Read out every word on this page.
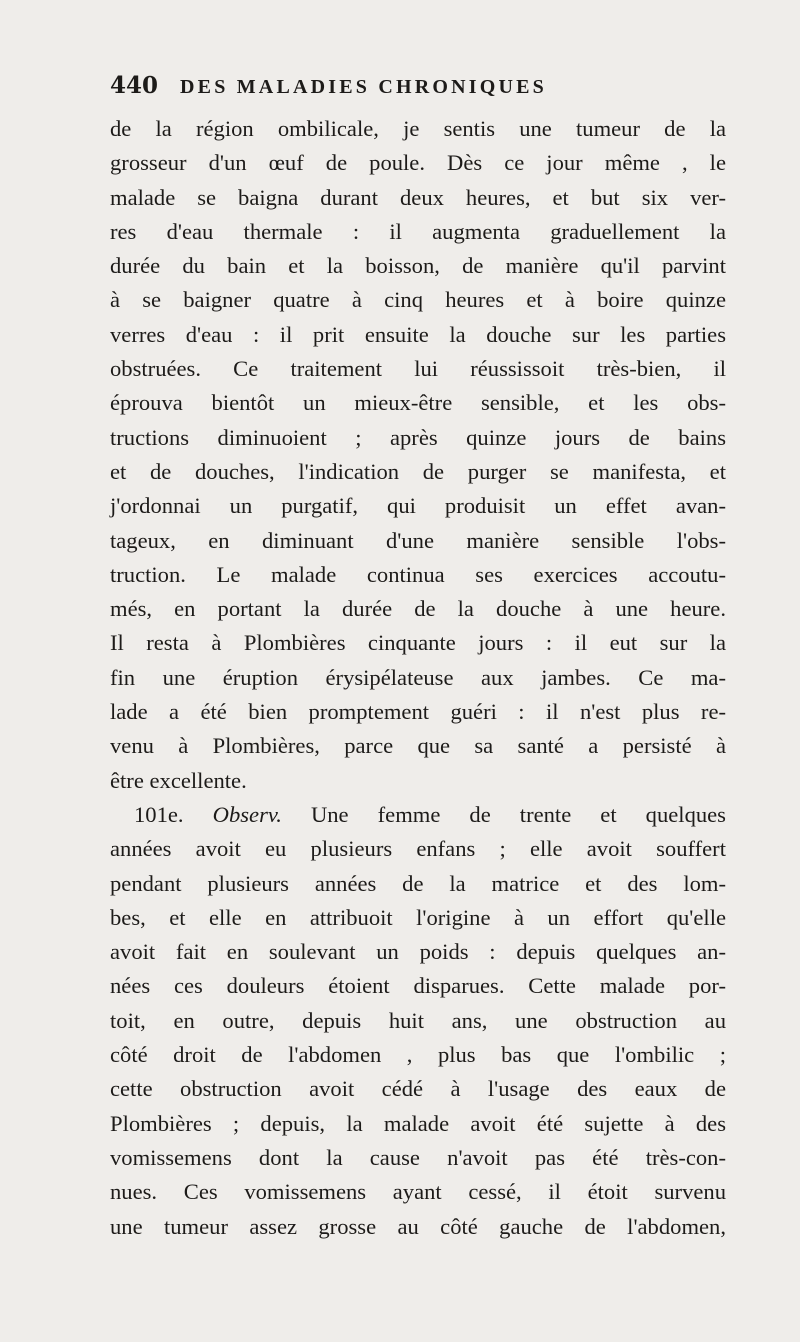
440 DES MALADIES CHRONIQUES
de la région ombilicale, je sentis une tumeur de la
grosseur d'un œuf de poule. Dès ce jour même , le
malade se baigna durant deux heures, et but six ver-
res d'eau thermale : il augmenta graduellement la
durée du bain et la boisson, de manière qu'il parvint
à se baigner quatre à cinq heures et à boire quinze
verres d'eau : il prit ensuite la douche sur les parties
obstruées. Ce traitement lui réussissoit très-bien, il
éprouva bientôt un mieux-être sensible, et les obs-
tructions diminuoient ; après quinze jours de bains
et de douches, l'indication de purger se manifesta, et
j'ordonnai un purgatif, qui produisit un effet avan-
tageux, en diminuant d'une manière sensible l'obs-
truction. Le malade continua ses exercices accoutu-
més, en portant la durée de la douche à une heure.
Il resta à Plombières cinquante jours : il eut sur la
fin une éruption érysipélateuse aux jambes. Ce ma-
lade a été bien promptement guéri : il n'est plus re-
venu à Plombières, parce que sa santé a persisté à
être excellente.
101e. Observ. Une femme de trente et quelques
années avoit eu plusieurs enfans ; elle avoit souffert
pendant plusieurs années de la matrice et des lom-
bes, et elle en attribuoit l'origine à un effort qu'elle
avoit fait en soulevant un poids : depuis quelques an-
nées ces douleurs étoient disparues. Cette malade por-
toit, en outre, depuis huit ans, une obstruction au
côté droit de l'abdomen , plus bas que l'ombilic ;
cette obstruction avoit cédé à l'usage des eaux de
Plombières ; depuis, la malade avoit été sujette à des
vomissemens dont la cause n'avoit pas été très-con-
nues. Ces vomissemens ayant cessé, il étoit survenu
une tumeur assez grosse au côté gauche de l'abdomen,
